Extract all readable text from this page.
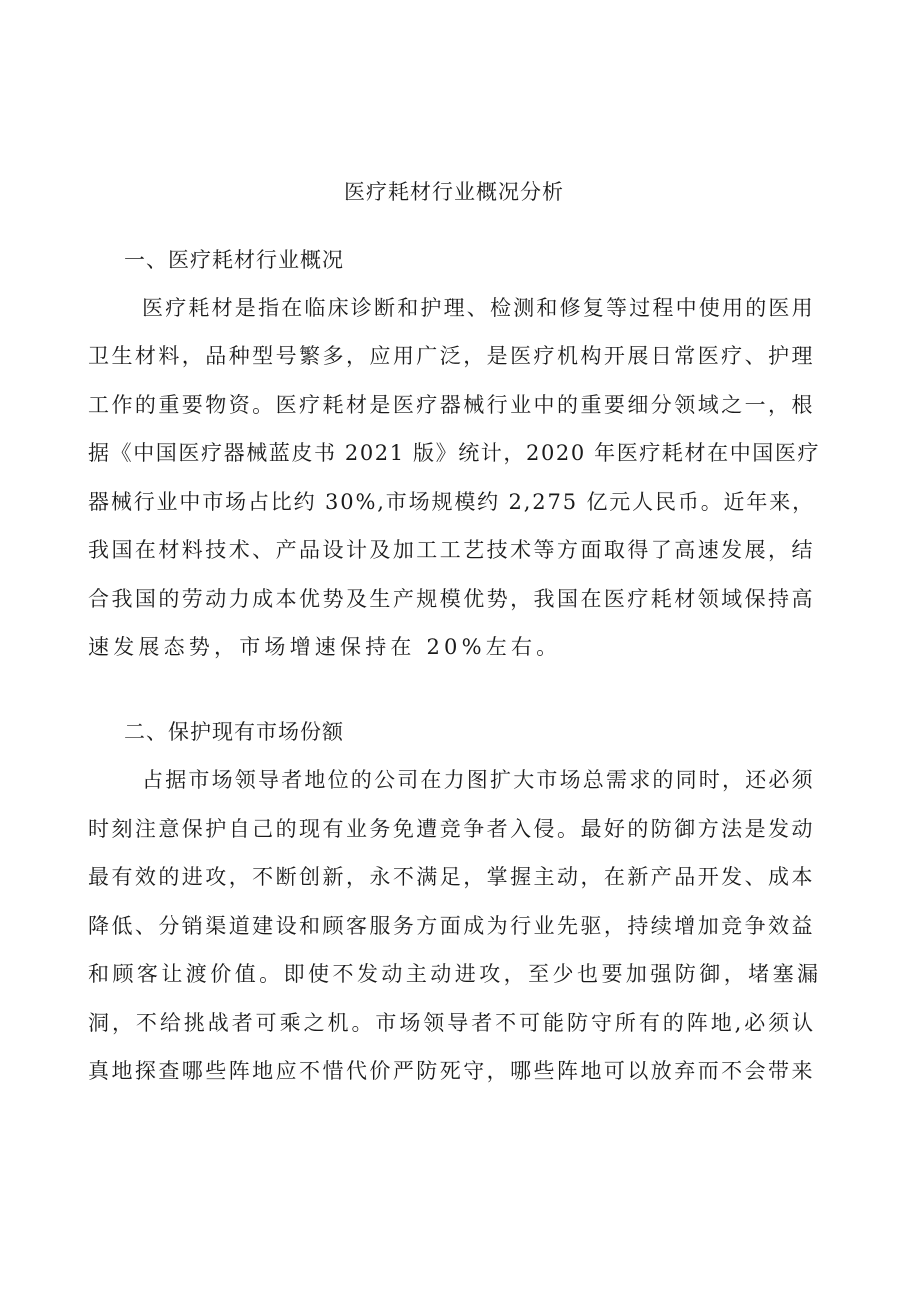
医疗耗材行业概况分析
一、医疗耗材行业概况
医疗耗材是指在临床诊断和护理、检测和修复等过程中使用的医用
卫生材料，品种型号繁多，应用广泛，是医疗机构开展日常医疗、护理
工作的重要物资。医疗耗材是医疗器械行业中的重要细分领域之一，根
据《中国医疗器械蓝皮书 2021 版》统计，2020 年医疗耗材在中国医疗
器械行业中市场占比约 30%,市场规模约 2,275 亿元人民币。近年来，
我国在材料技术、产品设计及加工工艺技术等方面取得了高速发展，结
合我国的劳动力成本优势及生产规模优势，我国在医疗耗材领域保持高
速发展态势，市场增速保持在 20%左右。
二、保护现有市场份额
占据市场领导者地位的公司在力图扩大市场总需求的同时，还必须
时刻注意保护自己的现有业务免遭竞争者入侵。最好的防御方法是发动
最有效的进攻，不断创新，永不满足，掌握主动，在新产品开发、成本
降低、分销渠道建设和顾客服务方面成为行业先驱，持续增加竞争效益
和顾客让渡价值。即使不发动主动进攻，至少也要加强防御，堵塞漏
洞，不给挑战者可乘之机。市场领导者不可能防守所有的阵地,必须认
真地探查哪些阵地应不惜代价严防死守，哪些阵地可以放弃而不会带来
